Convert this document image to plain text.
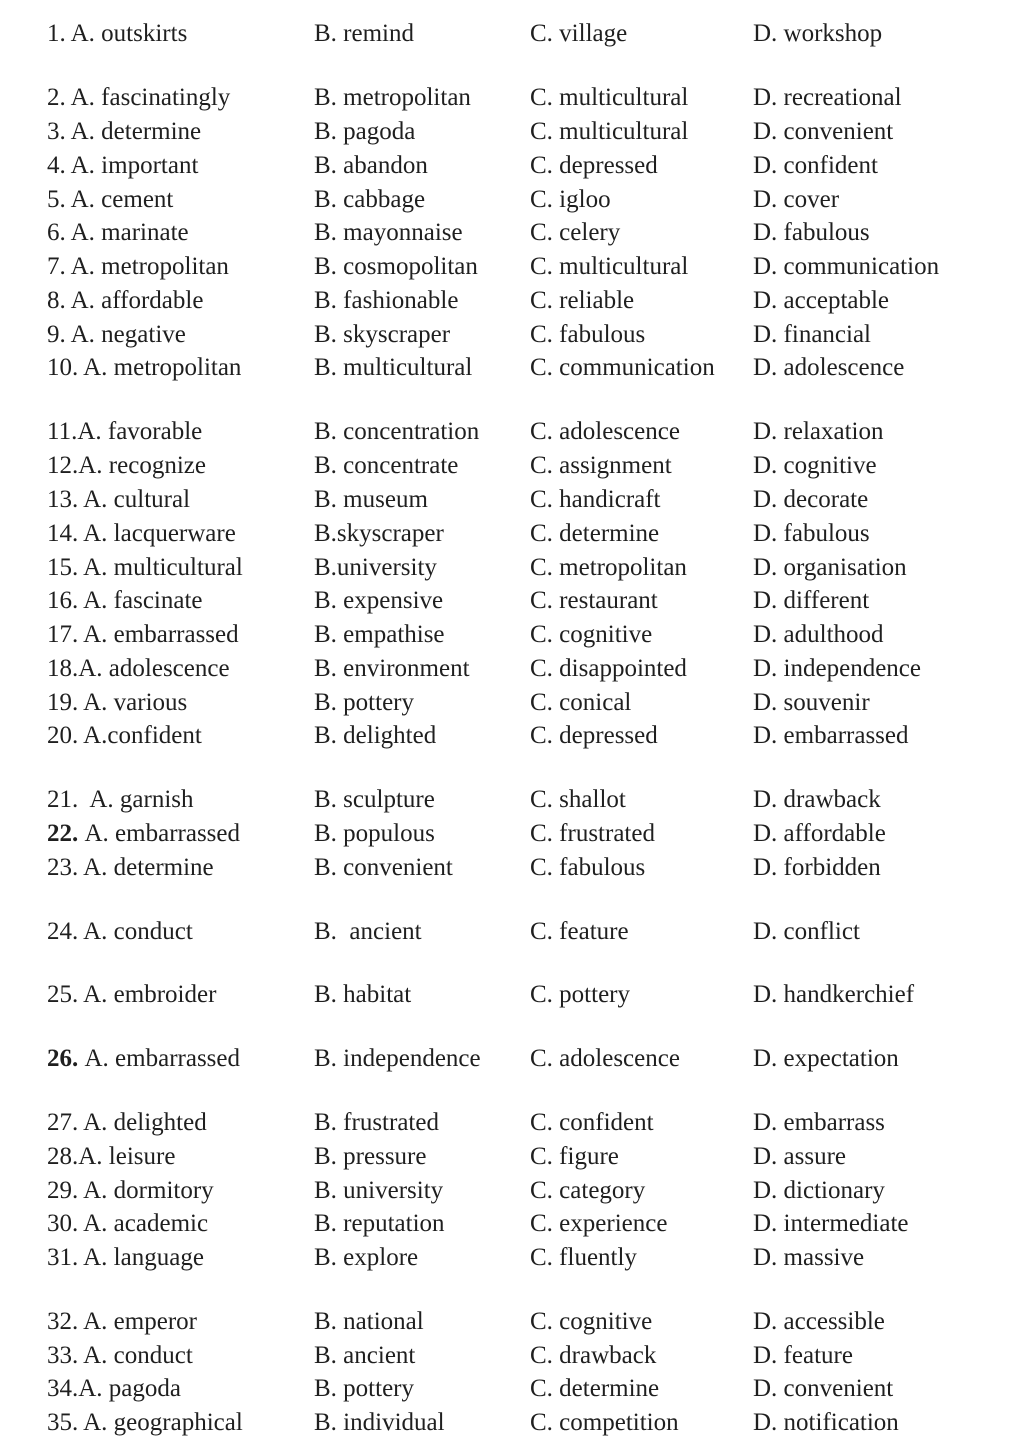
1. A. outskirts	B. remind	C. village	D. workshop
2. A. fascinatingly	B. metropolitan C. multicultural	D. recreational
3. A. determine	B. pagoda	C. multicultural	D. convenient
4. A. important	B. abandon	C. depressed	D. confident
5. A. cement	B. cabbage	C. igloo	D. cover
6. A. marinate	B. mayonnaise	C. celery	D. fabulous
7. A. metropolitan	B. cosmopolitan C. multicultural	D. communication
8. A. affordable	B. fashionable	C. reliable	D. acceptable
9. A. negative	B. skyscraper	C. fabulous	D. financial
10. A. metropolitan	B. multicultural C. communication D. adolescence
11.A. favorable	B. concentration C. adolescence	D. relaxation
12.A. recognize	B. concentrate	C. assignment	D. cognitive
13. A. cultural	B. museum	C. handicraft	D. decorate
14. A. lacquerware	B.skyscraper	C. determine	D. fabulous
15. A. multicultural	B.university	C. metropolitan	D. organisation
16. A. fascinate	B. expensive	C. restaurant	D. different
17. A. embarrassed	B. empathise	C. cognitive	D. adulthood
18.A. adolescence	B. environment C. disappointed	D. independence
19. A. various	B. pottery	C. conical	D. souvenir
20. A.confident	B. delighted	C. depressed	D. embarrassed
21.  A. garnish	B. sculpture	C. shallot	D. drawback
22. A. embarrassed	B. populous	C. frustrated	D. affordable
23. A. determine	B. convenient	C. fabulous	D. forbidden
24. A. conduct	B.  ancient	C. feature	D. conflict
25. A. embroider	B. habitat	C. pottery	D. handkerchief
26. A. embarrassed	B. independence C. adolescence	D. expectation
27. A. delighted	B. frustrated	C. confident	D. embarrass
28.A. leisure	B. pressure	C. figure	D. assure
29. A. dormitory	B. university	C. category	D. dictionary
30. A. academic	B. reputation	C. experience	D. intermediate
31. A. language	B. explore	C. fluently	D. massive
32. A. emperor	B. national	C. cognitive	D. accessible
33. A. conduct	B. ancient	C. drawback	D. feature
34.A. pagoda	B. pottery	C. determine	D. convenient
35. A. geographical	B. individual	C. competition	D. notification
